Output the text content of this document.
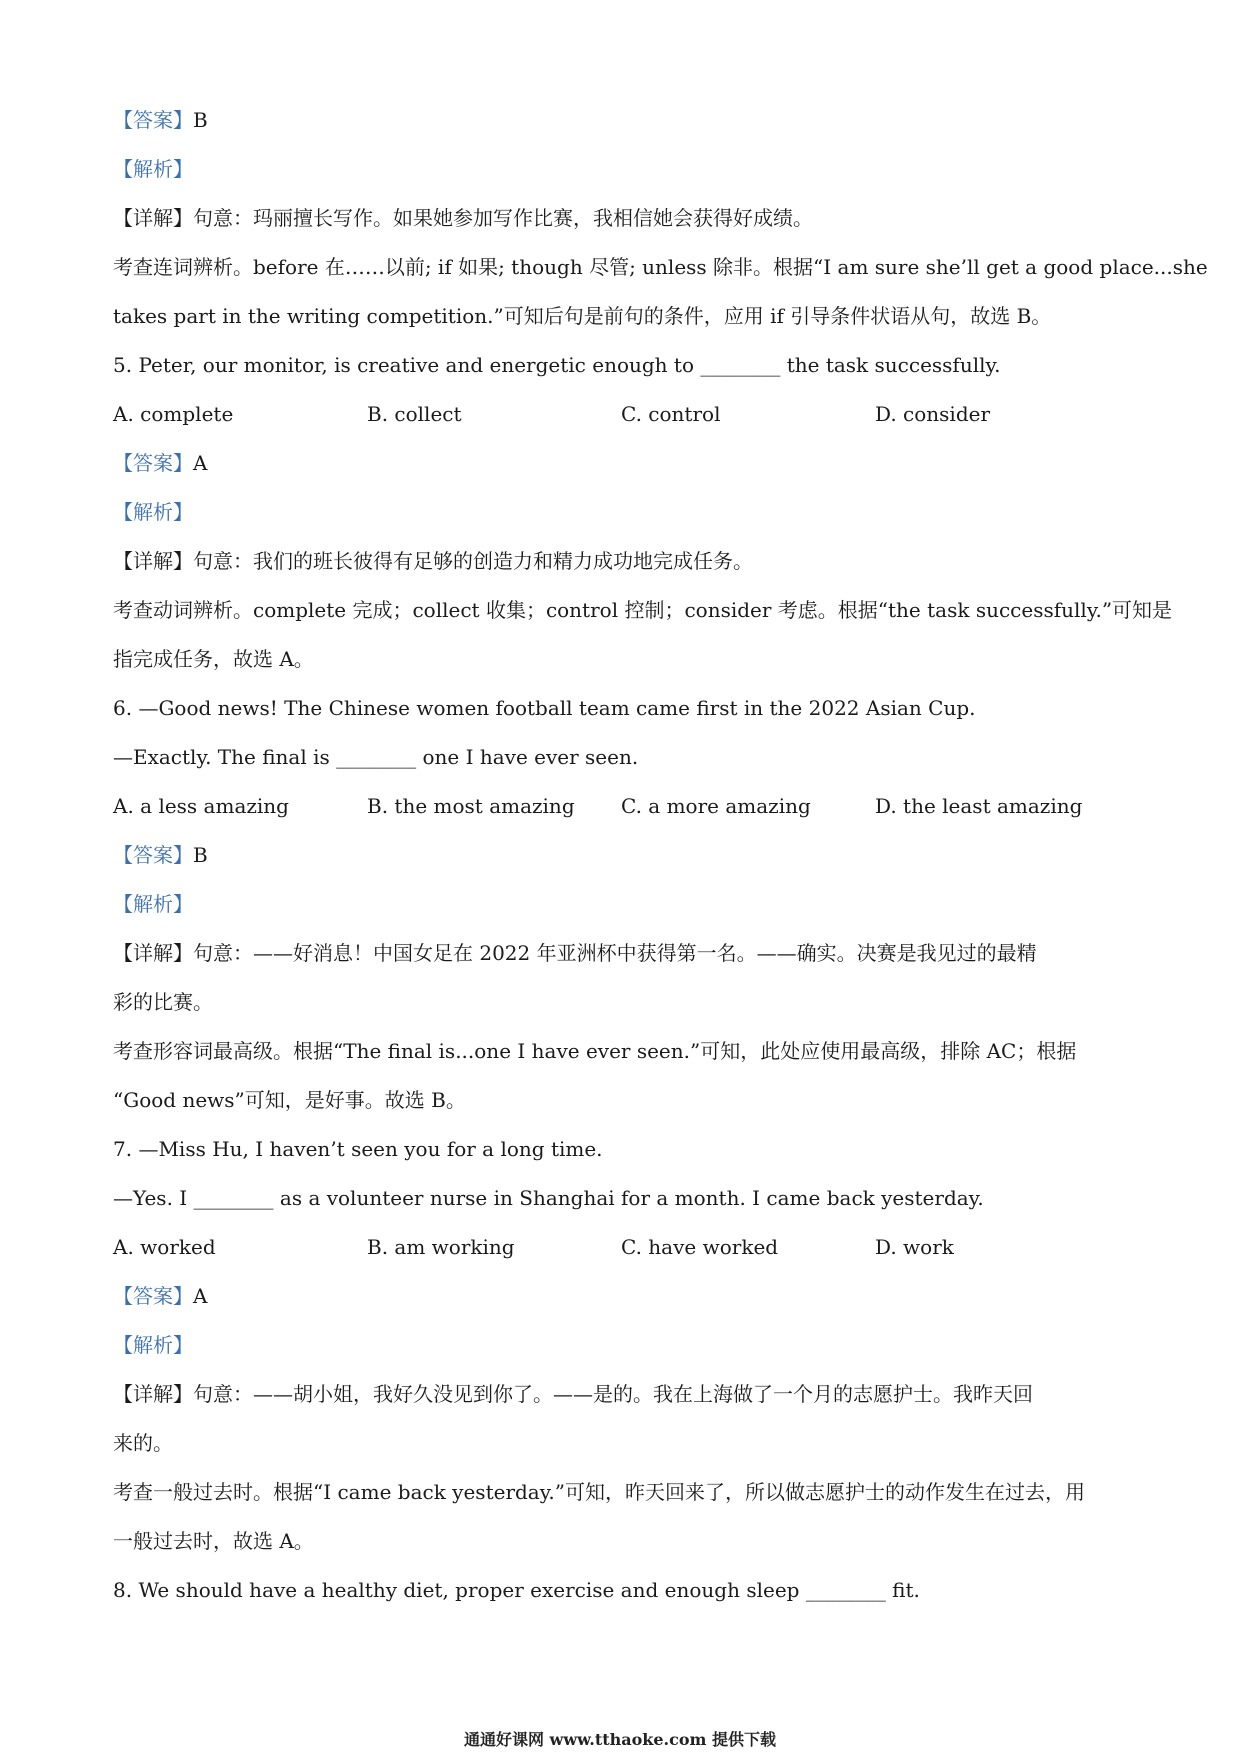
【答案】B
【解析】
【详解】句意：玛丽擅长写作。如果她参加写作比赛，我相信她会获得好成绩。
考查连词辨析。before 在……以前; if 如果; though 尽管; unless 除非。根据“I am sure she’ll get a good place...she
takes part in the writing competition.”可知后句是前句的条件，应用 if 引导条件状语从句，故选 B。
5. Peter, our monitor, is creative and energetic enough to ________ the task successfully.
A. complete	B. collect	C. control	D. consider
【答案】A
【解析】
【详解】句意：我们的班长彼得有足够的创造力和精力成功地完成任务。
考查动词辨析。complete 完成；collect 收集；control 控制；consider 考虑。根据“the task successfully.”可知是
指完成任务，故选 A。
6. —Good news! The Chinese women football team came first in the 2022 Asian Cup.
—Exactly. The final is ________ one I have ever seen.
A. a less amazing	B. the most amazing	C. a more amazing	D. the least amazing
【答案】B
【解析】
【详解】句意：——好消息！中国女足在 2022 年亚洲杯中获得第一名。——确实。决赛是我见过的最精
彩的比赛。
考查形容词最高级。根据“The final is...one I have ever seen.”可知，此处应使用最高级，排除 AC；根据
“Good news”可知，是好事。故选 B。
7. —Miss Hu, I haven’t seen you for a long time.
—Yes. I ________ as a volunteer nurse in Shanghai for a month. I came back yesterday.
A. worked	B. am working	C. have worked	D. work
【答案】A
【解析】
【详解】句意：——胡小姐，我好久没见到你了。——是的。我在上海做了一个月的志愿护士。我昨天回
来的。
考查一般过去时。根据“I came back yesterday.”可知，昨天回来了，所以做志愿护士的动作发生在过去，用
一般过去时，故选 A。
8. We should have a healthy diet, proper exercise and enough sleep ________ fit.
通通好课网 www.tthaoke.com 提供下载
